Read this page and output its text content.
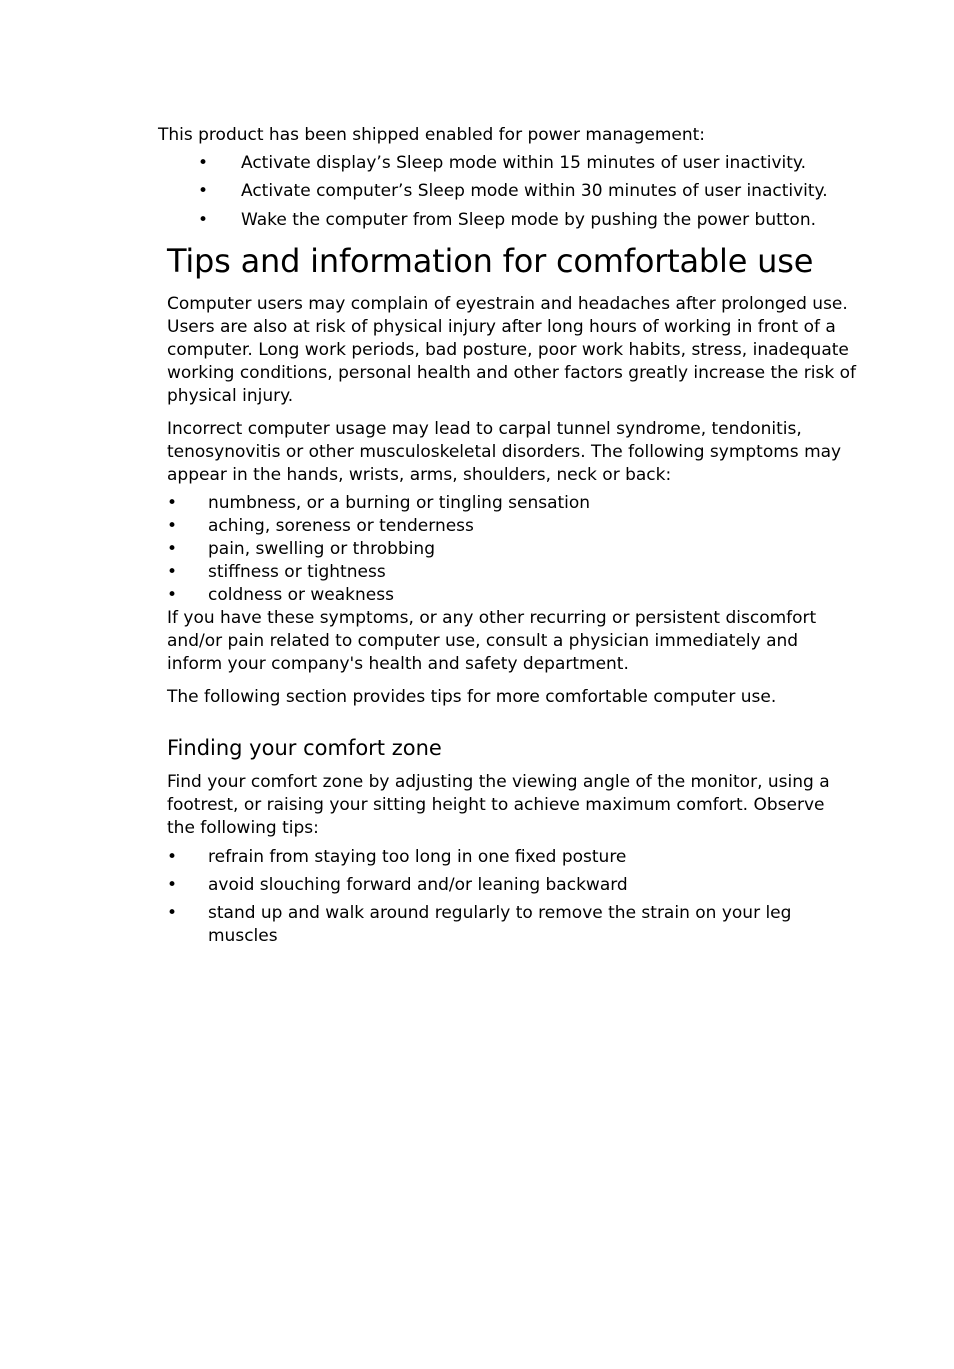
This product has been shipped enabled for power management:
• Activate display’s Sleep mode within 15 minutes of user inactivity.
• Activate computer’s Sleep mode within 30 minutes of user inactivity.
• Wake the computer from Sleep mode by pushing the power button.
Tips and information for comfortable use

Computer users may complain of eyestrain and headaches after prolonged use. Users are also at risk of physical injury after long hours of working in front of a computer. Long work periods, bad posture, poor work habits, stress, inadequate working conditions, personal health and other factors greatly increase the risk of physical injury.

Incorrect computer usage may lead to carpal tunnel syndrome, tendonitis, tenosynovitis or other musculoskeletal disorders. The following symptoms may appear in the hands, wrists, arms, shoulders, neck or back:

• numbness, or a burning or tingling sensation
• aching, soreness or tenderness
• pain, swelling or throbbing
• stiffness or tightness
• coldness or weakness

If you have these symptoms, or any other recurring or persistent discomfort and/or pain related to computer use, consult a physician immediately and inform your company's health and safety department.

The following section provides tips for more comfortable computer use.

Finding your comfort zone

Find your comfort zone by adjusting the viewing angle of the monitor, using a footrest, or raising your sitting height to achieve maximum comfort. Observe the following tips:

• refrain from staying too long in one fixed posture
• avoid slouching forward and/or leaning backward
• stand up and walk around regularly to remove the strain on your leg muscles
